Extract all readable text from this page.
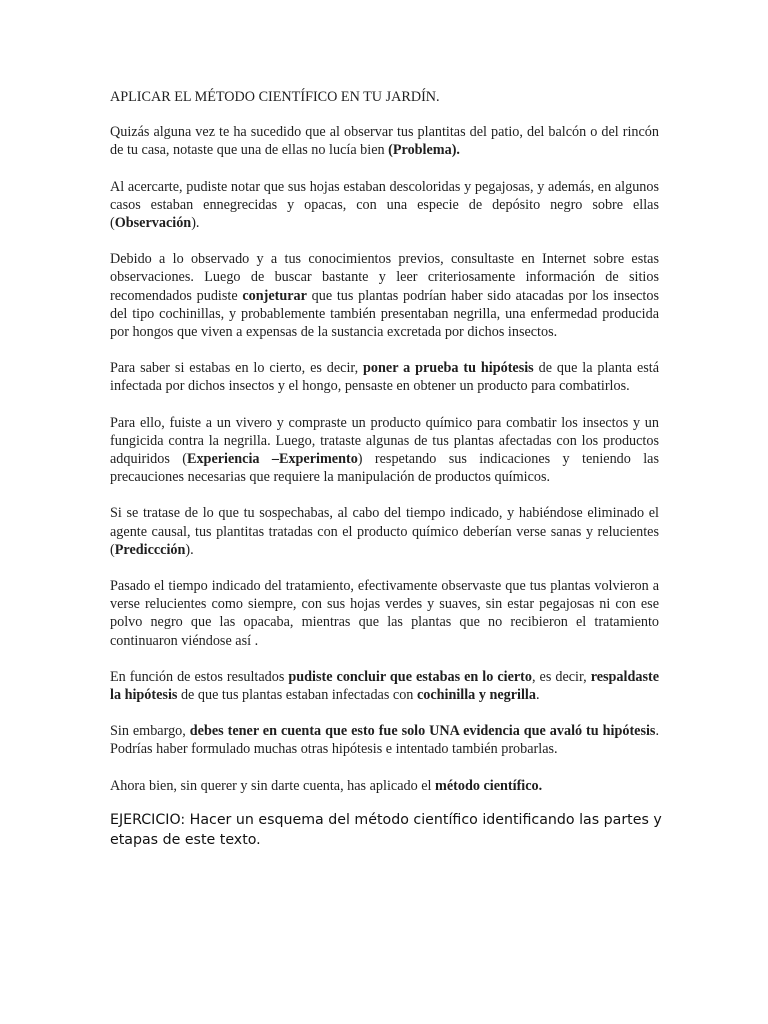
APLICAR EL MÉTODO CIENTÍFICO EN TU JARDÍN.

Quizás alguna vez te ha sucedido que al observar tus plantitas del patio, del balcón o del rincón de tu casa, notaste que una de ellas no lucía bien (Problema).

Al acercarte, pudiste notar que sus hojas estaban descoloridas y pegajosas, y además, en algunos casos estaban ennegrecidas y opacas, con una especie de depósito negro sobre ellas (Observación).

Debido a lo observado y a tus conocimientos previos, consultaste en Internet sobre estas observaciones. Luego de buscar bastante y leer criteriosamente información de sitios recomendados pudiste conjeturar que tus plantas podrían haber sido atacadas por los insectos del tipo cochinillas, y probablemente también presentaban negrilla, una enfermedad producida por hongos que viven a expensas de la sustancia excretada por dichos insectos.

Para saber si estabas en lo cierto, es decir, poner a prueba tu hipótesis de que la planta está infectada por dichos insectos y el hongo, pensaste en obtener un producto para combatirlos.

Para ello, fuiste a un vivero y compraste un producto químico para combatir los insectos y un fungicida contra la negrilla. Luego, trataste algunas de tus plantas afectadas con los productos adquiridos (Experiencia –Experimento) respetando sus indicaciones y teniendo las precauciones necesarias que requiere la manipulación de productos químicos.

Si se tratase de lo que tu sospechabas, al cabo del tiempo indicado, y habiéndose eliminado el agente causal, tus plantitas tratadas con el producto químico deberían verse sanas y relucientes (Prediccción).

Pasado el tiempo indicado del tratamiento, efectivamente observaste que tus plantas volvieron a verse relucientes como siempre, con sus hojas verdes y suaves, sin estar pegajosas ni con ese polvo negro que las opacaba, mientras que las plantas que no recibieron el tratamiento continuaron viéndose así .

En función de estos resultados pudiste concluir que estabas en lo cierto, es decir, respaldaste la hipótesis de que tus plantas estaban infectadas con cochinilla y negrilla.

Sin embargo, debes tener en cuenta que esto fue solo UNA evidencia que avaló tu hipótesis. Podrías haber formulado muchas otras hipótesis e intentado también probarlas.

Ahora bien, sin querer y sin darte cuenta, has aplicado el método científico.

EJERCICIO: Hacer un esquema del método científico identificando las partes y etapas de este texto.
